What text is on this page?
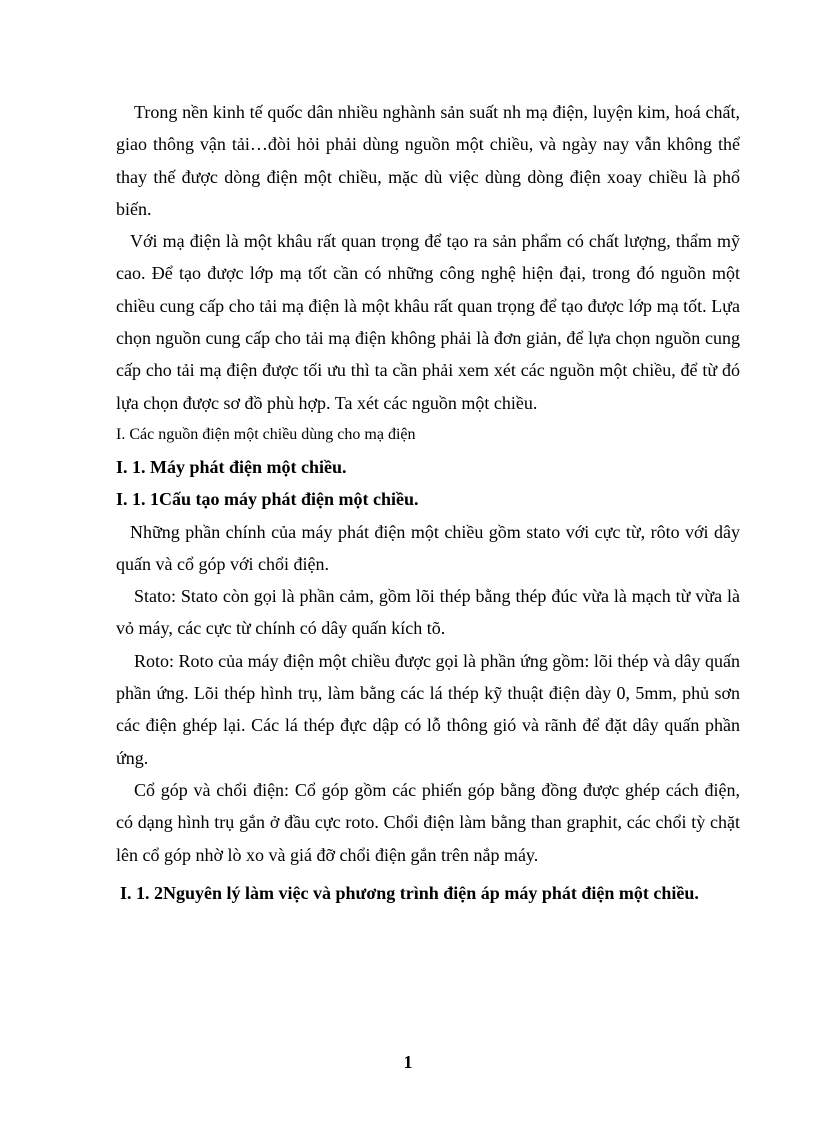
Trong nền kinh tế quốc dân nhiều nghành sản suất nh mạ điện, luyện kim, hoá chất, giao thông vận tải…đòi hỏi phải dùng nguồn một chiều, và ngày nay vẫn không thể thay thế được dòng điện một chiều, mặc dù việc dùng dòng điện xoay chiều là phổ biến.

Với mạ điện là một khâu rất quan trọng để tạo ra sản phẩm có chất lượng, thẩm mỹ cao. Để tạo được lớp mạ tốt cần có những công nghệ hiện đại, trong đó nguồn một chiều cung cấp cho tải mạ điện là một khâu rất quan trọng để tạo được lớp mạ tốt. Lựa chọn nguồn cung cấp cho tải mạ điện không phải là đơn giản, để lựa chọn nguồn cung cấp cho tải mạ điện được tối ưu thì ta cần phải xem xét các nguồn một chiều, để từ đó lựa chọn được sơ đồ phù hợp. Ta xét các nguồn một chiều.

I. Các nguồn điện một chiều dùng cho mạ điện

I. 1. Máy phát điện một chiều.

I. 1. 1Cấu tạo máy phát điện một chiều.

Những phần chính của máy phát điện một chiều gồm stato với cực từ, rôto với dây quấn và cổ góp với chổi điện.

Stato: Stato còn gọi là phần cảm, gồm lõi thép bằng thép đúc vừa là mạch từ vừa là vỏ máy, các cực từ chính có dây quấn kích tõ.

Roto: Roto của máy điện một chiều được gọi là phần ứng gồm: lõi thép và dây quấn phần ứng. Lõi thép hình trụ, làm bằng các lá thép kỹ thuật điện dày 0, 5mm, phủ sơn các điện ghép lại. Các lá thép đực dập có lỗ thông gió và rãnh để đặt dây quấn phần ứng.

Cổ góp và chổi điện: Cổ góp gồm các phiến góp bằng đồng được ghép cách điện, có dạng hình trụ gắn ở đầu cực roto. Chổi điện làm bằng than graphit, các chổi tỳ chặt lên cổ góp nhờ lò xo và giá đỡ chổi điện gắn trên nắp máy.

I. 1. 2Nguyên lý làm việc và phương trình điện áp máy phát điện một chiều.

1
